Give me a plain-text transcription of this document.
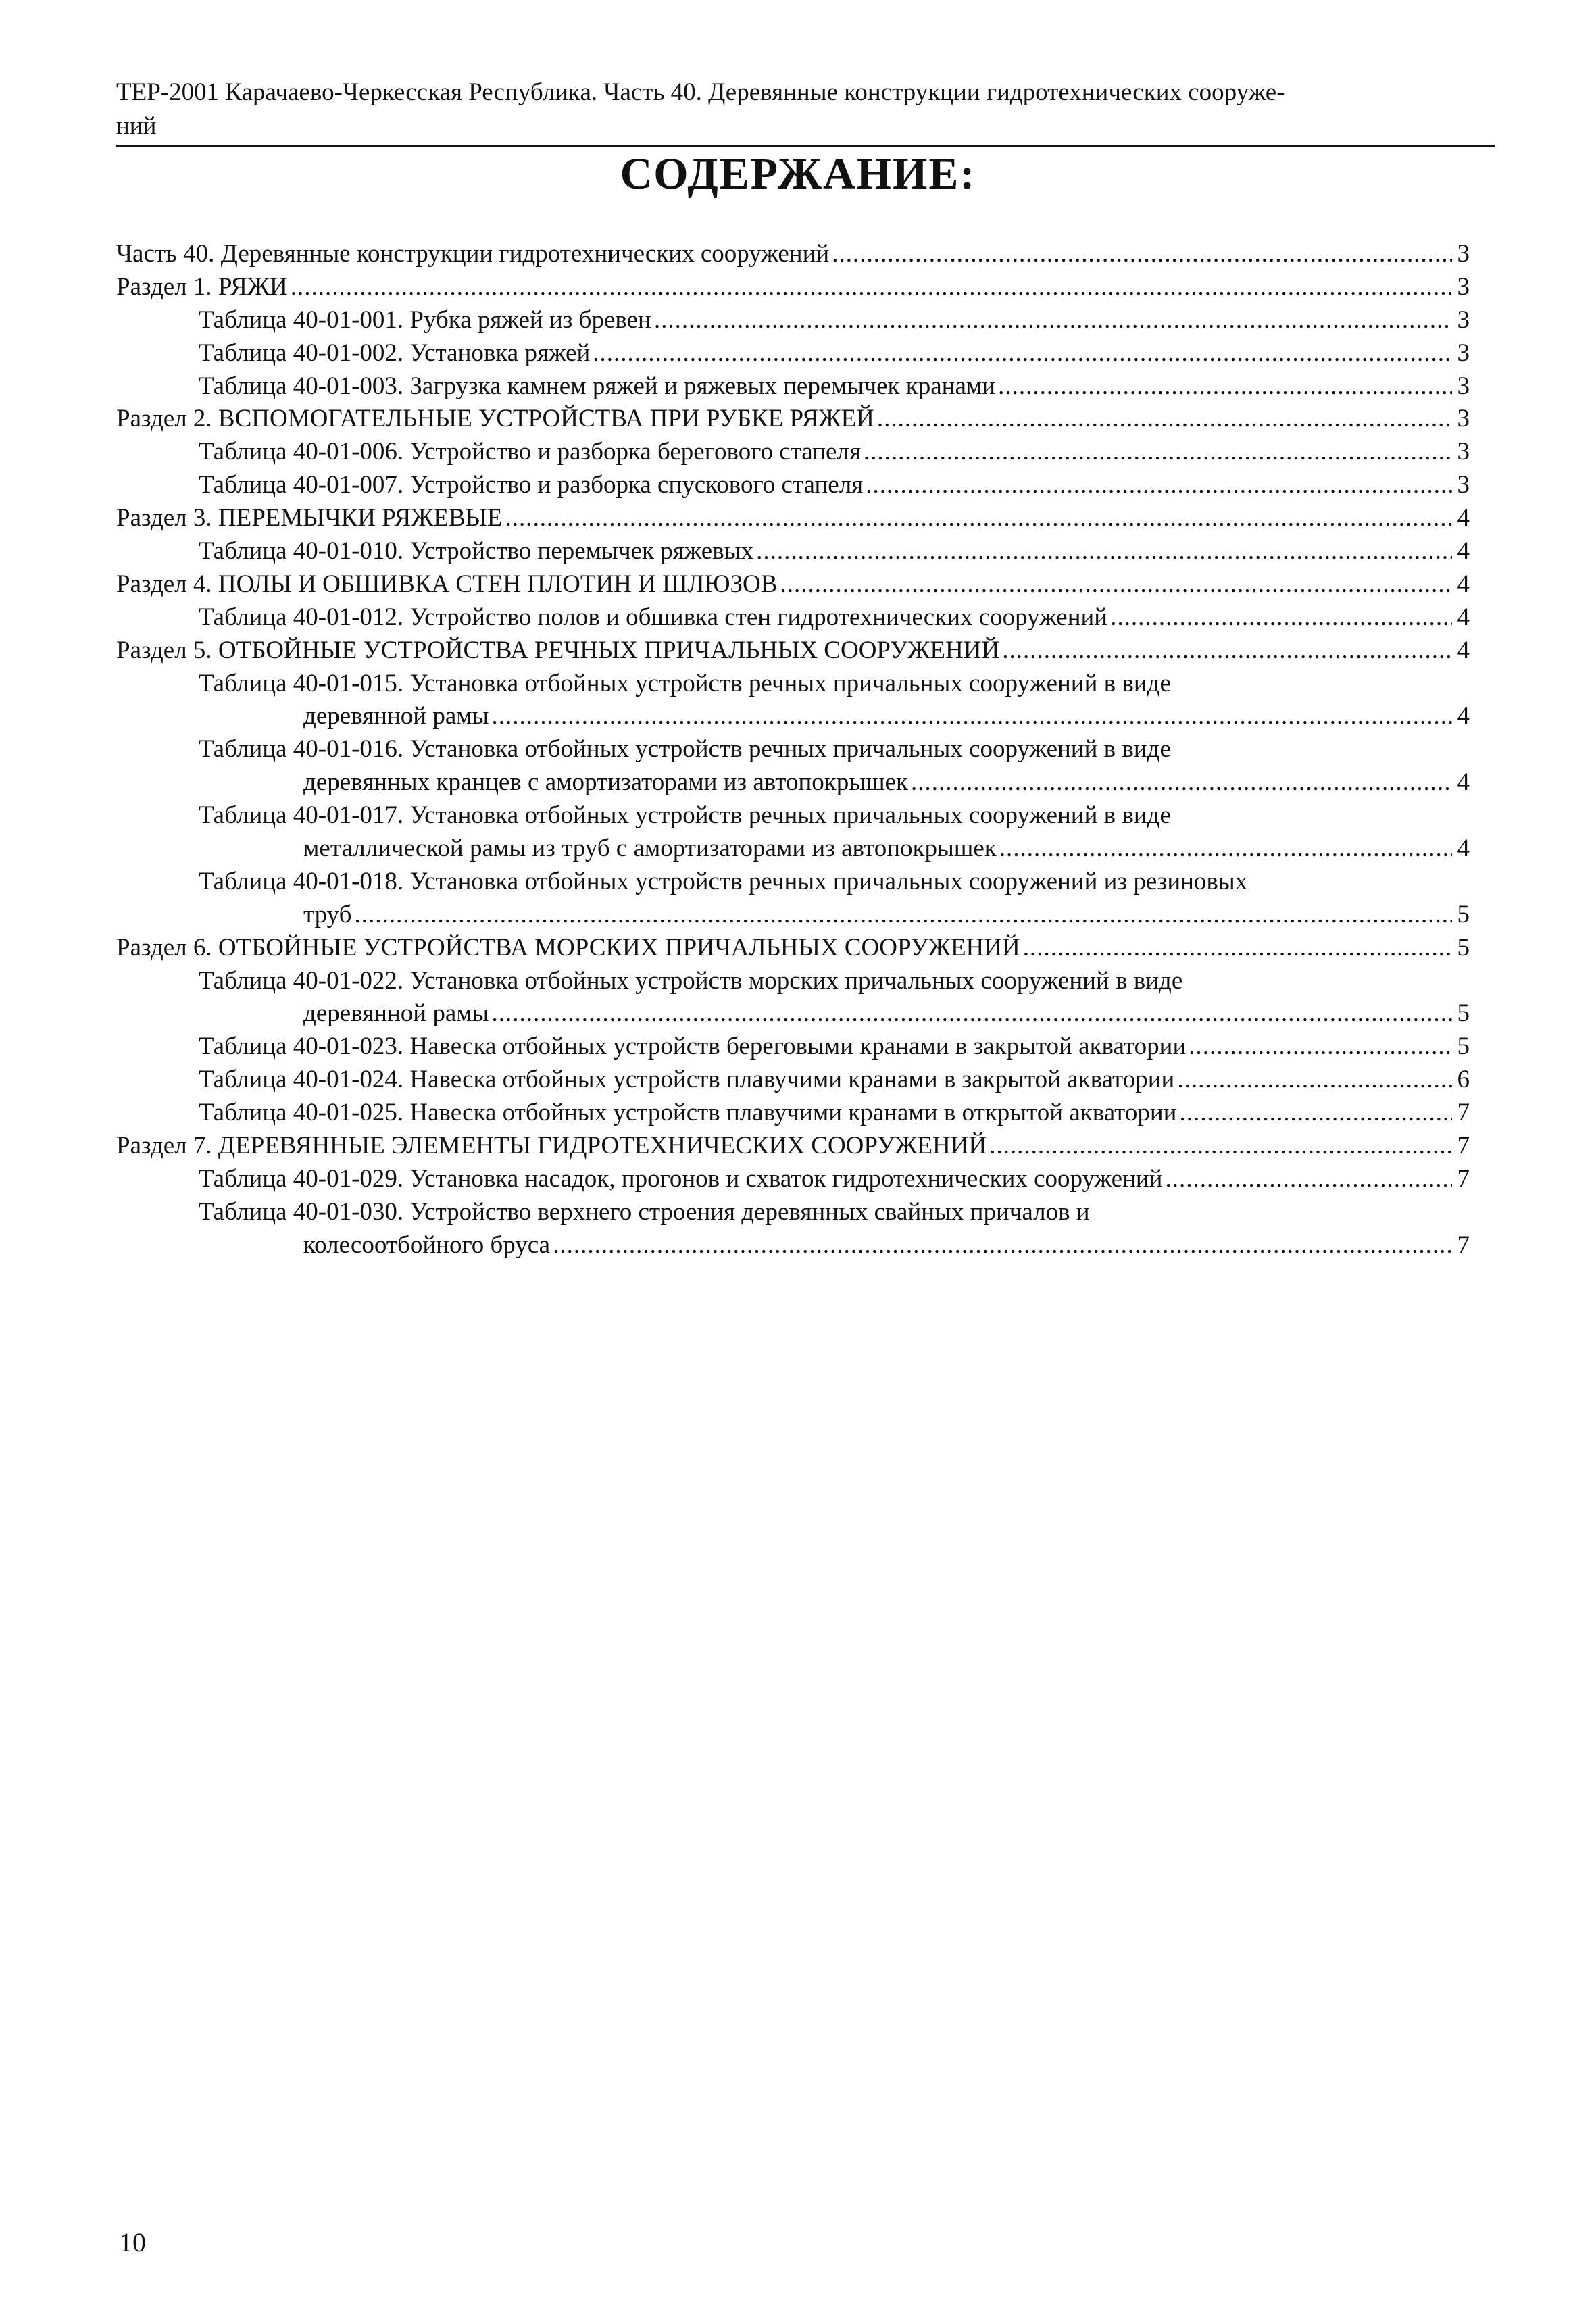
ТЕР-2001 Карачаево-Черкесская Республика. Часть 40. Деревянные конструкции гидротехнических сооруже-
ний
СОДЕРЖАНИЕ:
Часть 40. Деревянные конструкции гидротехнических сооружений .....	3
Раздел 1. РЯЖИ .....	3
Таблица 40-01-001. Рубка ряжей из бревен .....	3
Таблица 40-01-002. Установка ряжей .....	3
Таблица 40-01-003. Загрузка камнем ряжей и ряжевых перемычек кранами .....	3
Раздел 2. ВСПОМОГАТЕЛЬНЫЕ УСТРОЙСТВА ПРИ РУБКЕ РЯЖЕЙ .....	3
Таблица 40-01-006. Устройство и разборка берегового стапеля .....	3
Таблица 40-01-007. Устройство и разборка спускового стапеля .....	3
Раздел 3. ПЕРЕМЫЧКИ РЯЖЕВЫЕ .....	4
Таблица 40-01-010. Устройство перемычек ряжевых .....	4
Раздел 4. ПОЛЫ И ОБШИВКА СТЕН ПЛОТИН И ШЛЮЗОВ .....	4
Таблица 40-01-012. Устройство полов и обшивка стен гидротехнических сооружений .....	4
Раздел 5. ОТБОЙНЫЕ УСТРОЙСТВА РЕЧНЫХ ПРИЧАЛЬНЫХ СООРУЖЕНИЙ .....	4
Таблица 40-01-015. Установка отбойных устройств речных причальных сооружений в виде
деревянной рамы .....	4
Таблица 40-01-016. Установка отбойных устройств речных причальных сооружений в виде
деревянных кранцев с амортизаторами из автопокрышек .....	4
Таблица 40-01-017. Установка отбойных устройств речных причальных сооружений в виде
металлической рамы из труб с амортизаторами из автопокрышек .....	4
Таблица 40-01-018. Установка отбойных устройств речных причальных сооружений из резиновых
труб .....	5
Раздел 6. ОТБОЙНЫЕ УСТРОЙСТВА МОРСКИХ ПРИЧАЛЬНЫХ СООРУЖЕНИЙ .....	5
Таблица 40-01-022. Установка отбойных устройств морских причальных сооружений в виде
деревянной рамы .....	5
Таблица 40-01-023. Навеска отбойных устройств береговыми кранами в закрытой акватории .....	5
Таблица 40-01-024. Навеска отбойных устройств плавучими кранами в закрытой акватории .....	6
Таблица 40-01-025. Навеска отбойных устройств плавучими кранами в открытой акватории .....	7
Раздел 7. ДЕРЕВЯННЫЕ ЭЛЕМЕНТЫ ГИДРОТЕХНИЧЕСКИХ СООРУЖЕНИЙ .....	7
Таблица 40-01-029. Установка насадок, прогонов и схваток гидротехнических сооружений .....	7
Таблица 40-01-030. Устройство верхнего строения деревянных свайных причалов и
колесоотбойного бруса .....	7
10
